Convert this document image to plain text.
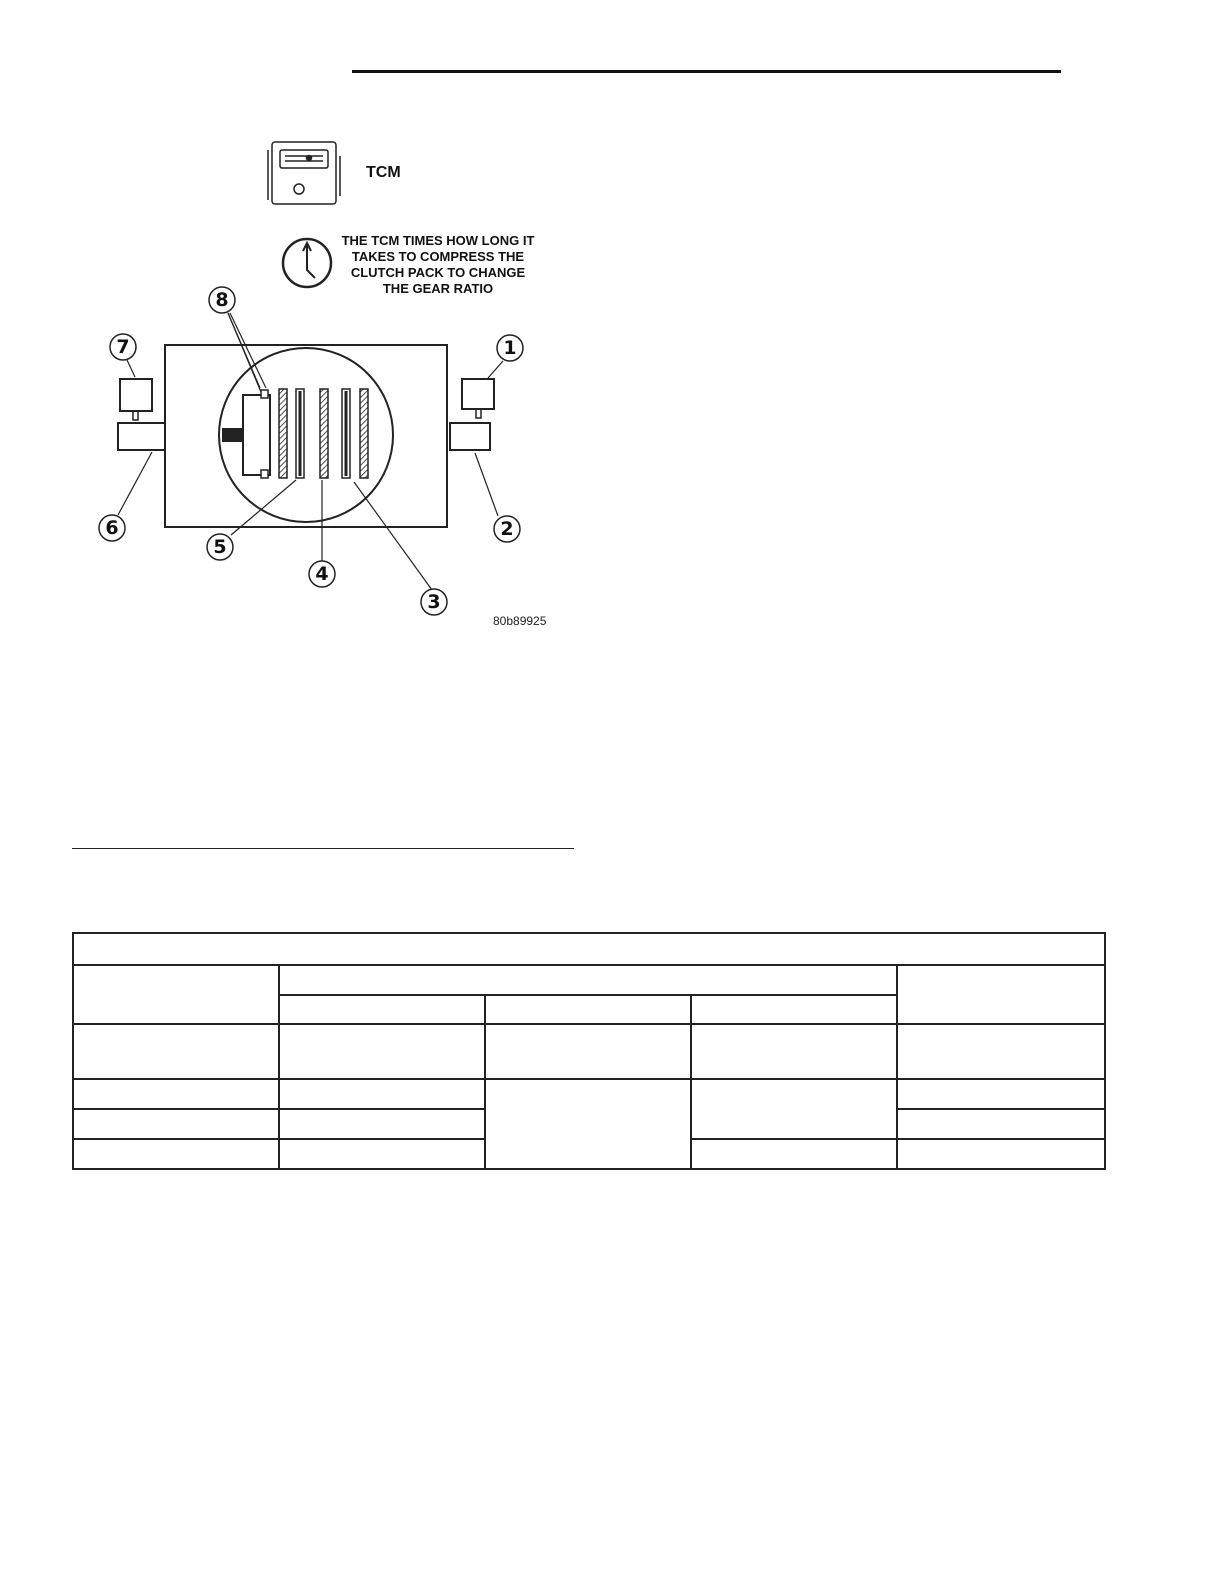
TCM
THE TCM TIMES HOW LONG IT TAKES TO COMPRESS THE CLUTCH PACK TO CHANGE THE GEAR RATIO
80b89925
1
2
3
4
5
6
7
8
